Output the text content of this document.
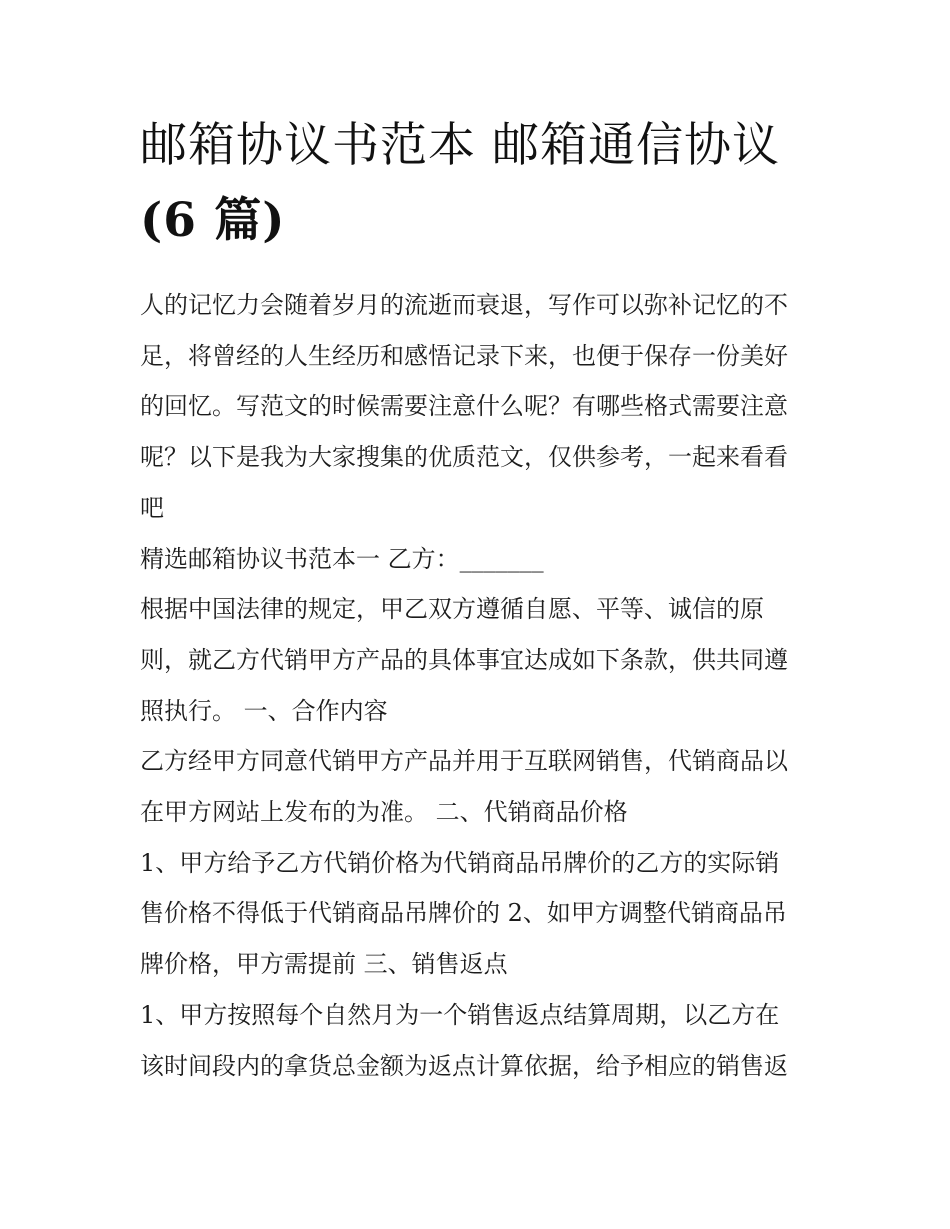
邮箱协议书范本 邮箱通信协议
(6 篇)

人的记忆力会随着岁月的流逝而衰退，写作可以弥补记忆的不
足，将曾经的人生经历和感悟记录下来，也便于保存一份美好
的回忆。写范文的时候需要注意什么呢？有哪些格式需要注意
呢？以下是我为大家搜集的优质范文，仅供参考，一起来看看
吧

精选邮箱协议书范本一 乙方：_______

根据中国法律的规定，甲乙双方遵循自愿、平等、诚信的原
则，就乙方代销甲方产品的具体事宜达成如下条款，供共同遵
照执行。 一、合作内容

乙方经甲方同意代销甲方产品并用于互联网销售，代销商品以
在甲方网站上发布的为准。 二、代销商品价格

1、甲方给予乙方代销价格为代销商品吊牌价的乙方的实际销
售价格不得低于代销商品吊牌价的 2、如甲方调整代销商品吊
牌价格，甲方需提前 三、销售返点

1、甲方按照每个自然月为一个销售返点结算周期，以乙方在
该时间段内的拿货总金额为返点计算依据，给予相应的销售返
